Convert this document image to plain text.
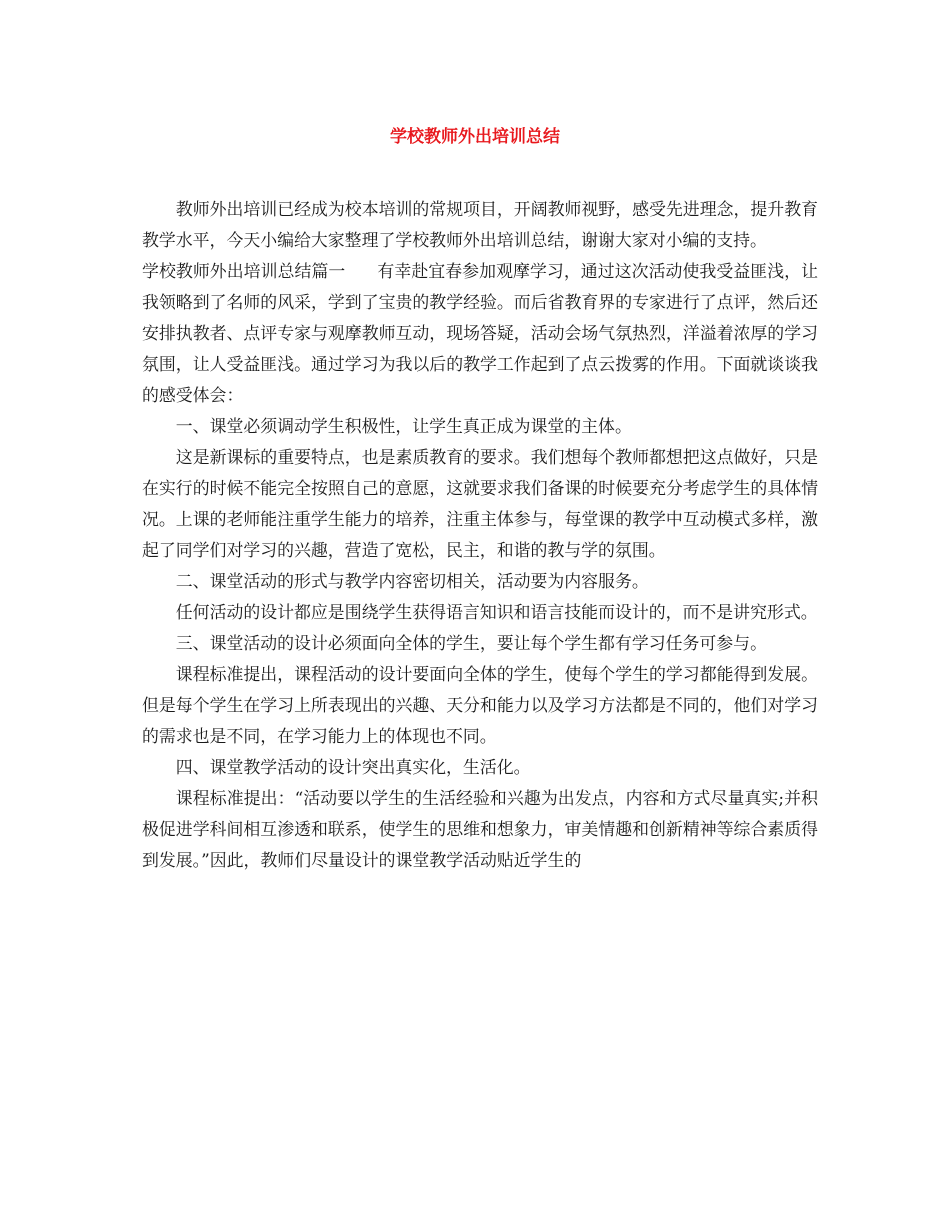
学校教师外出培训总结

教师外出培训已经成为校本培训的常规项目，开阔教师视野，感受先进理念，提升教育教学水平，今天小编给大家整理了学校教师外出培训总结，谢谢大家对小编的支持。

学校教师外出培训总结篇一 有幸赴宜春参加观摩学习，通过这次活动使我受益匪浅，让我领略到了名师的风采，学到了宝贵的教学经验。而后省教育界的专家进行了点评，然后还安排执教者、点评专家与观摩教师互动，现场答疑，活动会场气氛热烈，洋溢着浓厚的学习氛围，让人受益匪浅。通过学习为我以后的教学工作起到了点云拨雾的作用。下面就谈谈我的感受体会：

一、课堂必须调动学生积极性，让学生真正成为课堂的主体。

这是新课标的重要特点，也是素质教育的要求。我们想每个教师都想把这点做好，只是在实行的时候不能完全按照自己的意愿，这就要求我们备课的时候要充分考虑学生的具体情况。上课的老师能注重学生能力的培养，注重主体参与，每堂课的教学中互动模式多样，激起了同学们对学习的兴趣，营造了宽松，民主，和谐的教与学的氛围。

二、课堂活动的形式与教学内容密切相关，活动要为内容服务。

任何活动的设计都应是围绕学生获得语言知识和语言技能而设计的，而不是讲究形式。

三、课堂活动的设计必须面向全体的学生，要让每个学生都有学习任务可参与。

课程标准提出，课程活动的设计要面向全体的学生，使每个学生的学习都能得到发展。但是每个学生在学习上所表现出的兴趣、天分和能力以及学习方法都是不同的，他们对学习的需求也是不同，在学习能力上的体现也不同。

四、课堂教学活动的设计突出真实化，生活化。

课程标准提出：“活动要以学生的生活经验和兴趣为出发点，内容和方式尽量真实;并积极促进学科间相互渗透和联系，使学生的思维和想象力，审美情趣和创新精神等综合素质得到发展。”因此，教师们尽量设计的课堂教学活动贴近学生的
